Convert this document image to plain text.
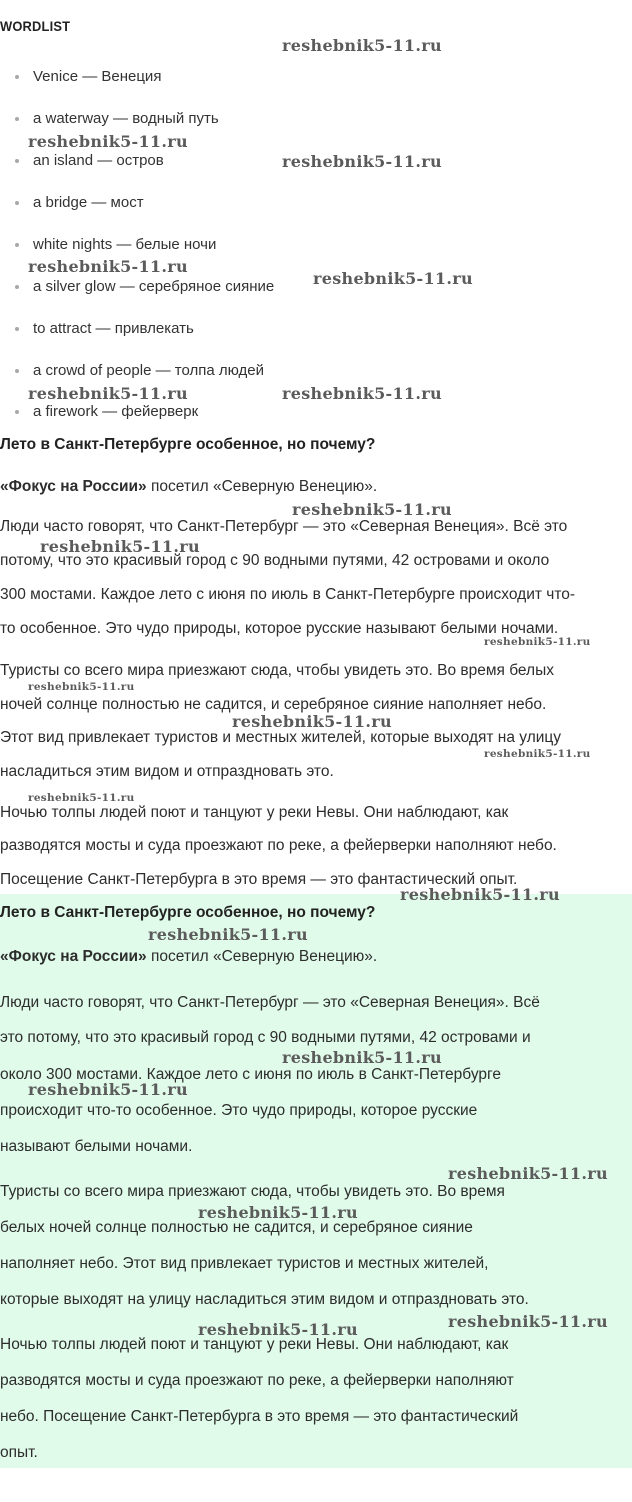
WORDLIST
Venice — Венеция
a waterway — водный путь
an island — остров
a bridge — мост
white nights — белые ночи
a silver glow — серебряное сияние
to attract — привлекать
a crowd of people — толпа людей
a firework — фейерверк

Лето в Санкт-Петербурге особенное, но почему?

«Фокус на России» посетил «Северную Венецию».

Люди часто говорят, что Санкт-Петербург — это «Северная Венеция». Всё это

потому, что это красивый город с 90 водными путями, 42 островами и около

300 мостами. Каждое лето с июня по июль в Санкт-Петербурге происходит что-

то особенное. Это чудо природы, которое русские называют белыми ночами.

Туристы со всего мира приезжают сюда, чтобы увидеть это. Во время белых

ночей солнце полностью не садится, и серебряное сияние наполняет небо.

Этот вид привлекает туристов и местных жителей, которые выходят на улицу

насладиться этим видом и отпраздновать это.

Ночью толпы людей поют и танцуют у реки Невы. Они наблюдают, как

разводятся мосты и суда проезжают по реке, а фейерверки наполняют небо.

Посещение Санкт-Петербурга в это время — это фантастический опыт.

Лето в Санкт-Петербурге особенное, но почему?

«Фокус на России» посетил «Северную Венецию».

Люди часто говорят, что Санкт-Петербург — это «Северная Венеция». Всё

это потому, что это красивый город с 90 водными путями, 42 островами и

около 300 мостами. Каждое лето с июня по июль в Санкт-Петербурге

происходит что-то особенное. Это чудо природы, которое русские

называют белыми ночами.

Туристы со всего мира приезжают сюда, чтобы увидеть это. Во время

белых ночей солнце полностью не садится, и серебряное сияние

наполняет небо. Этот вид привлекает туристов и местных жителей,

которые выходят на улицу насладиться этим видом и отпраздновать это.

Ночью толпы людей поют и танцуют у реки Невы. Они наблюдают, как

разводятся мосты и суда проезжают по реке, а фейерверки наполняют

небо. Посещение Санкт-Петербурга в это время — это фантастический

опыт.

reshebnik5-11.ru
reshebnik5-11.ru
reshebnik5-11.ru
reshebnik5-11.ru
reshebnik5-11.ru
reshebnik5-11.ru	reshebnik5-11.ru
reshebnik5-11.ru
reshebnik5-11.ru
reshebnik5-11.ru
reshebnik5-11.ru
reshebnik5-11.ru
reshebnik5-11.ru
reshebnik5-11.ru
reshebnik5-11.ru
reshebnik5-11.ru
reshebnik5-11.ru
reshebnik5-11.ru
reshebnik5-11.ru
reshebnik5-11.ru
reshebnik5-11.ru	reshebnik5-11.ru
